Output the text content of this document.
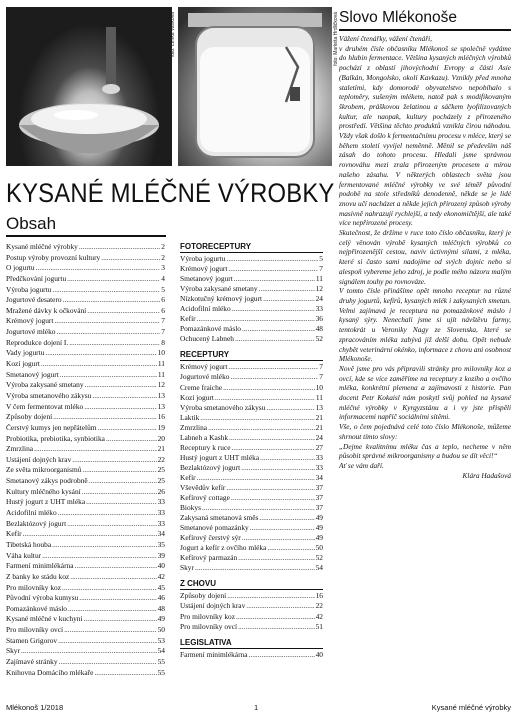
foto: Lenka Vaňková	foto: Markéta Hrdličková
KYSANÉ MLÉČNÉ VÝROBKY
Obsah
Kysané mléčné výrobky .....	2
Postup výroby provozní kultury .....	2
O jogurtu .....	3
Předčkování jogurtu .....	4
Výroba jogurtu .....	5
Jogurtové desatero .....	6
Mražené dávky k očkování .....	6
Krémový jogurt .....	7
Jogurtové mléko .....	7
Reprodukce dojení I. .....	8
Vady jogurtu .....	10
Kozí jogurt .....	11
Smetanový jogurt .....	11
Výroba zakysané smetany .....	12
Výroba smetanového zákysu .....	13
V čem fermentovat mléko .....	13
Způsoby dojení .....	16
Čerstvý kumys jen nepřátelům .....	19
Probiotika, prebiotika, synbiotika .....	20
Zmrzlina .....	21
Ustájení dojných krav .....	22
Ze světa mikroorganismů .....	25
Smetanový zákys podrobně .....	25
Kultury mléčného kysání .....	26
Hustý jogurt z UHT mléka .....	33
Acidofilní mléko .....	33
Bezlaktózový jogurt .....	33
Kefír .....	34
Tibetská houba .....	35
Váha kultur .....	39
Farmení minimlékárna .....	40
Z banky ke stádu koz .....	42
Pro milovníky koz .....	45
Původní výroba kumysu .....	46
Pomazánkové máslo .....	48
Kysané mléčné v kuchyni .....	49
Pro milovníky ovcí .....	50
Stamen Grigorov .....	53
Skyr .....	54
Zajímavé stránky .....	55
Knihovna Domácího mlékaře .....	55
FOTORECEPTURY
Výroba jogurtu .....	5
Krémový jogurt .....	7
Smetanový jogurt .....	11
Výroba zakysané smetany .....	12
Nízkotučný krémový jogurt .....	24
Acidofilní mléko .....	33
Kefír .....	36
Pomazánkové máslo .....	48
Ochucený Labneh .....	52
RECEPTURY
Krémový jogurt .....	7
Jogurtové mléko .....	7
Creme fraiche .....	10
Kozí jogurt .....	11
Výroba smetanového zákysu .....	13
Laktik .....	21
Zmrzlina .....	21
Labneh a Kashk .....	24
Receptury k ruce .....	27
Hustý jogurt z UHT mléka .....	33
Bezlaktózový jogurt .....	33
Kefír .....	34
Vševědův kefír .....	37
Kefírový cottage .....	37
Biokys .....	37
Zakysaná smetanová směs .....	49
Smetanové pomazánky .....	49
Kefírový čerstvý sýr .....	49
Jogurt a kefír z ovčího mléka .....	50
Kefírový parmazán .....	52
Skyr .....	54
Z CHOVU
Způsoby dojení .....	16
Ustájení dojných krav .....	22
Pro milovníky koz .....	42
Pro milovníky ovcí .....	51
LEGISLATIVA
Farmení minimlékárna .....	40
Slovo Mlékonoše

Vážení čtenářky, vážení čtenáři,

v druhém čísle občasníku Mlékonoš se společně vydáme do hlubin fermentace. Většina kysaných mléčných výrobků pochází z oblastí jihovýchodní Evropy a části Asie (Balkán, Mongolsko, okolí Kavkazu). Vznikly před mnoha staletími, kdy domorodé obyvatelstvo nepobíhalo s teploměry, sušeným mlékem, natož pak s modifikovaným škrobem, práškovou želatinou a sáčkem lyofilizovaných kultur, ale naopak, kultury pocházely z přirozeného prostředí. Většina těchto produktů vznikla čirou náhodou. Vždy však došlo k fermentačnímu procesu v mléce, který se během století vyvíjel neměnně. Měnil se především náš zásah do tohoto procesu. Hledali jsme správnou rovnováhu mezi zrala přirozeným procesem a mírou našeho zásahu. V některých oblastech světa jsou fermentované mléčné výrobky ve své téměř původní podobě na stole středníků denodenně, někde se je lidé znovu učí nacházet a někde jejich přirozený způsob výroby masivně nahrazují rychlejší, a tedy ekonomičtější, ale také více nepřirozené procesy.

Skutečnost, že držíme v ruce toto číslo občasníku, který je celý věnován výrobě kysaných mléčných výrobků co nejpřirozenější cestou, naviv úctivnými silami, z mléka, které si často sami nadojíme od svých dojnic nebo si alespoň vybereme jeho zdroj, je podle mého názoru malým signálem touhy po rovnováze.

V tomto čísle přinášíme opět mnoho receptur na různé druhy jogurtů, kefírů, kysaných mlék i zakysaných smetan. Velmi zajímavá je receptura na pomazánkové máslo i kysaný sýry. Nenechali jsme si ujít návštěvu farmy, tentokrát u Veroniky Nagy ze Slovenska, které se zpracováním mléka zabývá již delší dobu. Opět nebude chybět veterinární okénko, informace z chovu ani osobnost Mlékonoše.

Nově jsme pro vás připravili stránky pro milovníky koz a ovcí, kde se více zaměříme na receptury z kozího a ovčího mléka, konkrétní plemena a zajímavosti z historie. Pan docent Petr Kokaisl nám poskytl svůj pohled na kysané mléčné výrobky v Kyrgyzstánu a i vy jste přispěli informacemi napříč sociálními sítěmi.

Vše, o čem pojednává celé toto číslo Mlékonoše, můžeme shrnout tímto slovy:

„Dejme kvalitnímu mléku čas a teplo, necheme v něm působit správné mikroorganismy a budou se dít věci!“

Ať se vám daří.

Klára Hadašová

Mlékonoš 1/2018	1	Kysané mléčné výrobky
